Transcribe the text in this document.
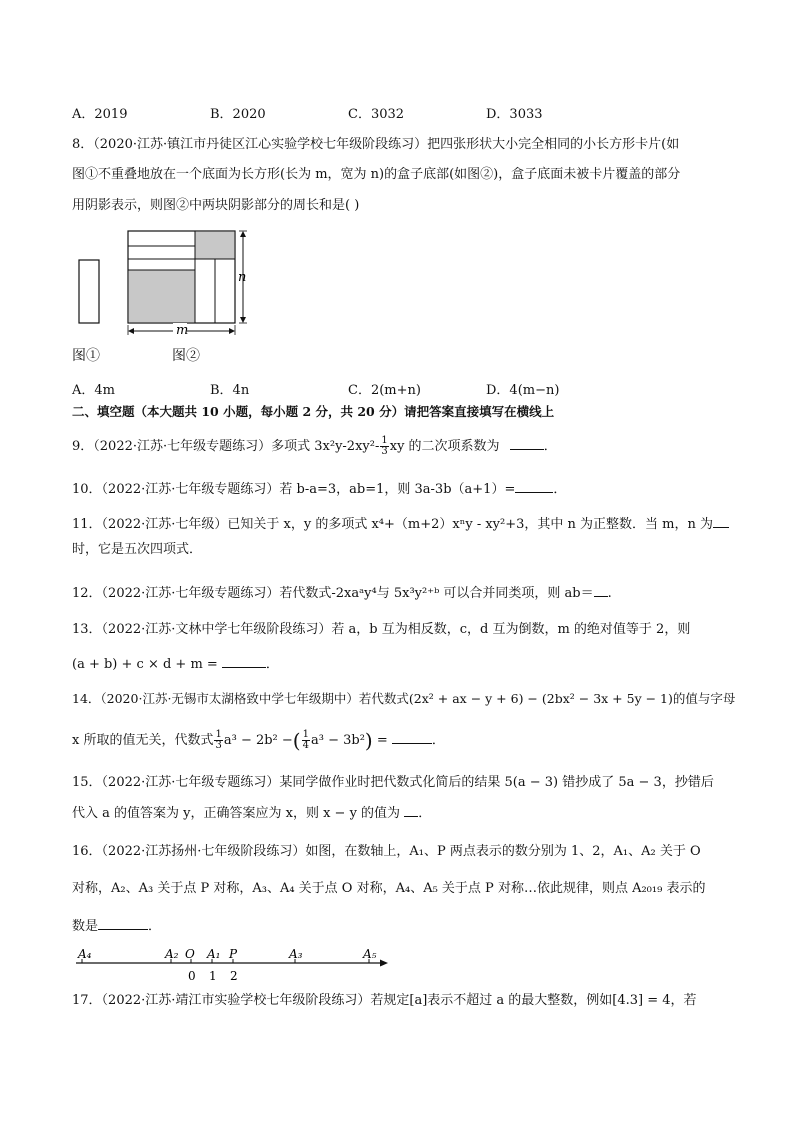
A．2019	B．2020	C．3032	D．3033
8．（2020·江苏·镇江市丹徒区江心实验学校七年级阶段练习）把四张形状大小完全相同的小长方形卡片(如
图①不重叠地放在一个底面为长方形(长为 m，宽为 n)的盒子底部(如图②)，盒子底面未被卡片覆盖的部分
用阴影表示，则图②中两块阴影部分的周长和是( )
n
m
图①	图②
A．4m	B．4n	C．2(m+n)	D．4(m−n)
二、填空题（本大题共 10 小题，每小题 2 分，共 20 分）请把答案直接填写在横线上
9．（2022·江苏·七年级专题练习）多项式 $3x^2y-2xy^2- \frac{1}{3}$ xy 的二次项系数为	．
10．（2022·江苏·七年级专题练习）若 b-a=3，ab=1，则 3a-3b（a+1）=	．
11．（2022·江苏·七年级）已知关于 x，y 的多项式 x⁴+（m+2）xⁿy - xy²+3，其中 n 为正整数．当 m，n 为
时，它是五次四项式．
12．（2022·江苏·七年级专题练习）若代数式-2xaᵃy⁴与 5x³y²⁺ᵇ 可以合并同类项，则 ab＝ .
13．（2022·江苏·文林中学七年级阶段练习）若 a，b 互为相反数，c，d 互为倒数，m 的绝对值等于 2，则
(a + b) + c × d + m =	．
14．（2020·江苏·无锡市太湖格致中学七年级期中）若代数式(2x² + ax − y + 6) − (2bx² − 3x + 5y − 1)的值与字母
x 所取的值无关，代数式 $\frac{1}{3} a^3 - 2b^2$ −( $\frac{1}{4} a^3 - 3b^2$) =	．
15．（2022·江苏·七年级专题练习）某同学做作业时把代数式化简后的结果 5(a − 3) 错抄成了 5a − 3，抄错后
代入 a 的值答案为 y，正确答案应为 x，则 x − y 的值为 ．
16．（2022·江苏扬州·七年级阶段练习）如图，在数轴上，A₁、P 两点表示的数分别为 1、2，A₁、A₂ 关于 O
对称，A₂、A₃ 关于点 P 对称，A₃、A₄ 关于点 O 对称，A₄、A₅ 关于点 P 对称…依此规律，则点 A₂₀₁₉ 表示的
数是	．
A₄	A₂ O A₁ P	A₃	A₅
0 1 2
17．（2022·江苏·靖江市实验学校七年级阶段练习）若规定[a]表示不超过 a 的最大整数，例如[4.3] = 4，若
